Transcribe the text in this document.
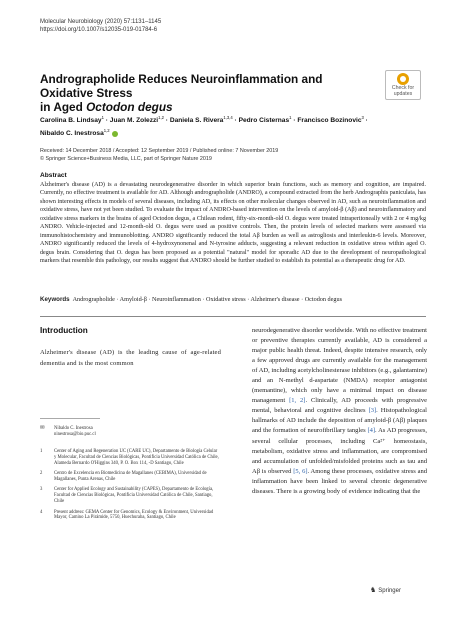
Molecular Neurobiology (2020) 57:1131–1145
https://doi.org/10.1007/s12035-019-01784-6
Andrographolide Reduces Neuroinflammation and Oxidative Stress
in Aged Octodon degus
Check for
updates
Carolina B. Lindsay$^1$ · Juan M. Zolezzi$^{1,2}$ · Daniela S. Rivera$^{1,3,4}$ · Pedro Cisternas$^1$ · Francisco Bozinovic$^3$ ·
Nibaldo C. Inestrosa$^{1,2}$
Received: 14 December 2018 / Accepted: 12 September 2019 / Published online: 7 November 2019
© Springer Science+Business Media, LLC, part of Springer Nature 2019
Abstract
Alzheimer's disease (AD) is a devastating neurodegenerative disorder in which superior brain functions, such as memory and cognition, are impaired. Currently, no effective treatment is available for AD. Although andrographolide (ANDRO), a compound extracted from the herb Andrographis paniculata, has shown interesting effects in models of several diseases, including AD, its effects on other molecular changes observed in AD, such as neuroinflammation and oxidative stress, have not yet been studied. To evaluate the impact of ANDRO-based intervention on the levels of amyloid-β (Aβ) and neuroinflammatory and oxidative stress markers in the brains of aged Octodon degus, a Chilean rodent, fifty-six-month-old O. degus were treated intraperitoneally with 2 or 4 mg/kg ANDRO. Vehicle-injected and 12-month-old O. degus were used as positive controls. Then, the protein levels of selected markers were assessed via immunohistochemistry and immunoblotting. ANDRO significantly reduced the total Aβ burden as well as astrogliosis and interleukin-6 levels. Moreover, ANDRO significantly reduced the levels of 4-hydroxynonenal and N-tyrosine adducts, suggesting a relevant reduction in oxidative stress within aged O. degus brain. Considering that O. degus has been proposed as a potential "natural" model for sporadic AD due to the development of neuropathological markers that resemble this pathology, our results suggest that ANDRO should be further studied to establish its potential as a therapeutic drug for AD.
Keywords Andrographolide · Amyloid-β · Neuroinflammation · Oxidative stress · Alzheimer's disease · Octodon degus
Introduction
Alzheimer's disease (AD) is the leading cause of age-related dementia and is the most common
neurodegenerative disorder worldwide. With no effective treatment or preventive therapies currently available, AD is considered a major public health threat. Indeed, despite intensive research, only a few approved drugs are currently available for the management of AD, including acetylcholinesterase inhibitors (e.g., galantamine) and an N-methyl d-aspartate (NMDA) receptor antagonist (memantine), which only have a minimal impact on disease management [1, 2]. Clinically, AD proceeds with progressive mental, behavioral and cognitive declines [3]. Histopathological hallmarks of AD include the deposition of amyloid-β (Aβ) plaques and the formation of neurofibrillary tangles [4]. As AD progresses, several cellular processes, including Ca²⁺ homeostasis, metabolism, oxidative stress and inflammation, are compromised and accumulation of unfolded/misfolded proteins such as tau and Aβ is observed [5, 6]. Among these processes, oxidative stress and inflammation have been linked to several chronic degenerative diseases. There is a growing body of evidence indicating that the
✉ Nibaldo C. Inestrosa
ninestrosa@bio.puc.cl
1 Center of Aging and Regeneration UC (CARE UC), Departamento de Biología Celular y Molecular, Facultad de Ciencias Biológicas, Pontificia Universidad Católica de Chile, Alameda Bernardo O'Higgins 340, P. O. Box 114, -D Santiago, Chile
2 Centro de Excelencia en Biomedicina de Magallanes (CEBIMA), Universidad de Magallanes, Punta Arenas, Chile
3 Center for Applied Ecology and Sustainability (CAPES), Departamento de Ecología, Facultad de Ciencias Biológicas, Pontificia Universidad Católica de Chile, Santiago, Chile
4 Present address: GEMA Center for Genomics, Ecology & Environment, Universidad Mayor, Camino La Pirámide, 5750, Huechuraba, Santiago, Chile
♞ Springer
